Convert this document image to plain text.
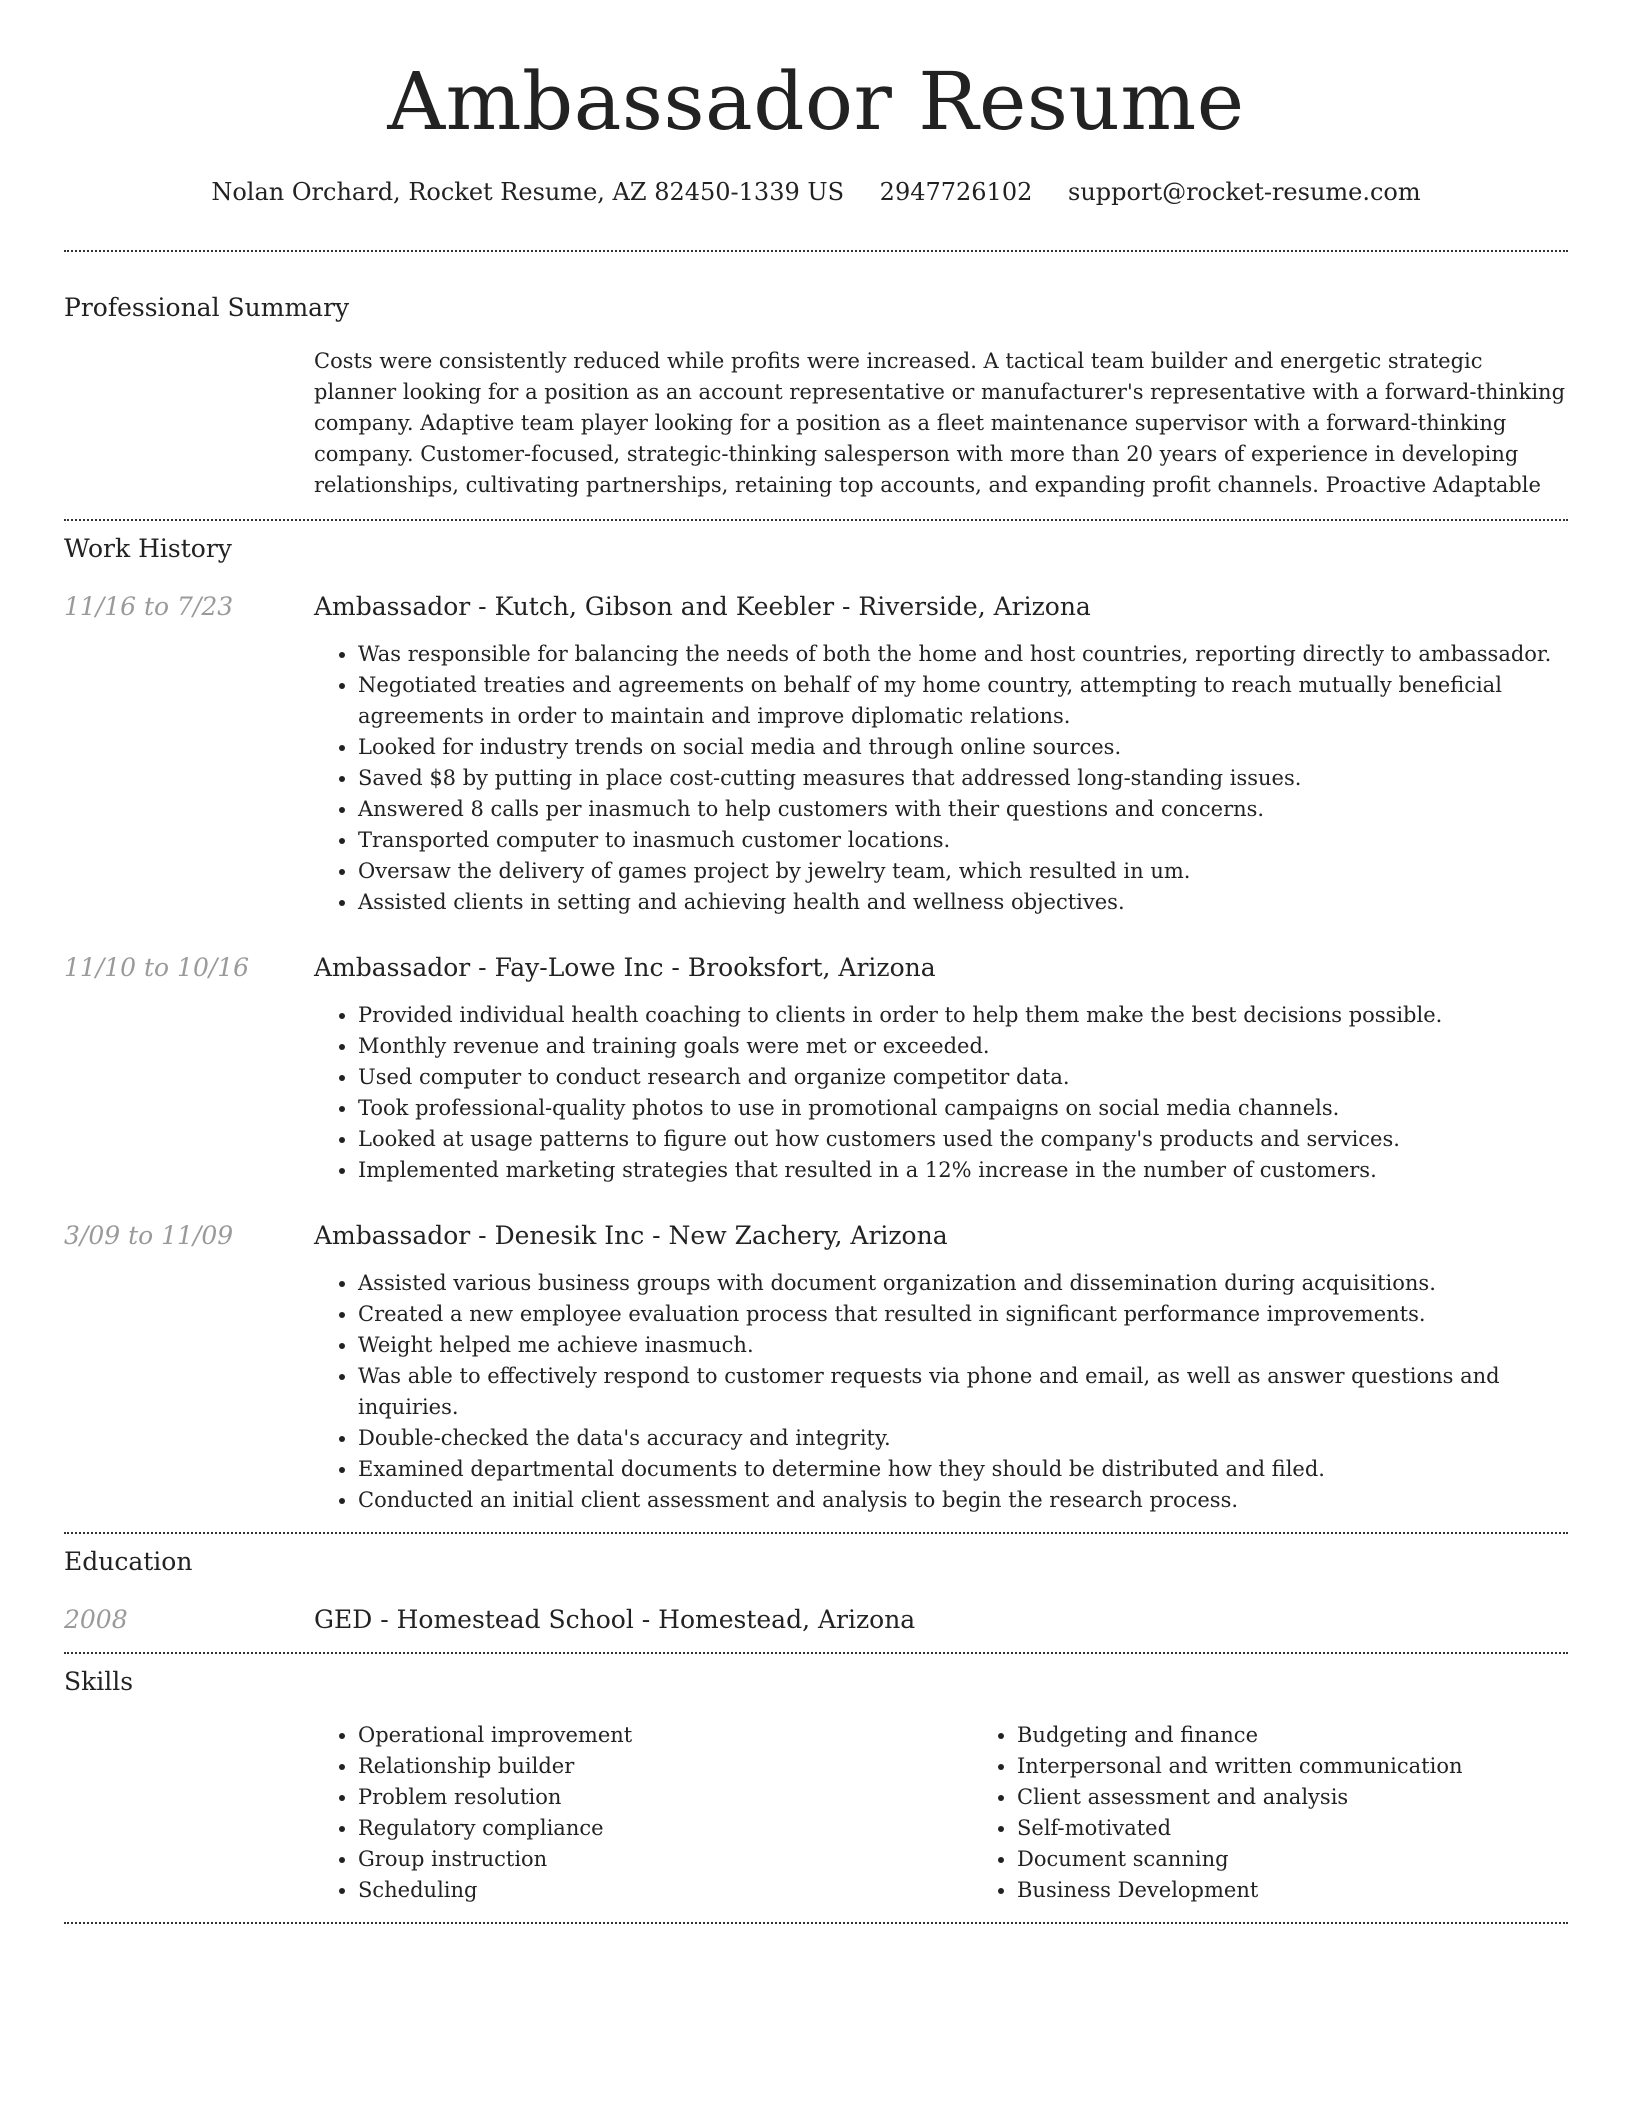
Ambassador Resume
Nolan Orchard, Rocket Resume, AZ 82450-1339 US 2947726102 support@rocket-resume.com
Professional Summary

Costs were consistently reduced while profits were increased. A tactical team builder and energetic strategic planner looking for a position as an account representative or manufacturer's representative with a forward-thinking company. Adaptive team player looking for a position as a fleet maintenance supervisor with a forward-thinking company. Customer-focused, strategic-thinking salesperson with more than 20 years of experience in developing relationships, cultivating partnerships, retaining top accounts, and expanding profit channels. Proactive Adaptable

Work History
11/16 to 7/23	Ambassador - Kutch, Gibson and Keebler - Riverside, Arizona

• Was responsible for balancing the needs of both the home and host countries, reporting directly to ambassador.
• Negotiated treaties and agreements on behalf of my home country, attempting to reach mutually beneficial agreements in order to maintain and improve diplomatic relations.
• Looked for industry trends on social media and through online sources.
• Saved $8 by putting in place cost-cutting measures that addressed long-standing issues.
• Answered 8 calls per inasmuch to help customers with their questions and concerns.
• Transported computer to inasmuch customer locations.
• Oversaw the delivery of games project by jewelry team, which resulted in um.
• Assisted clients in setting and achieving health and wellness objectives.
11/10 to 10/16	Ambassador - Fay-Lowe Inc - Brooksfort, Arizona

• Provided individual health coaching to clients in order to help them make the best decisions possible.
• Monthly revenue and training goals were met or exceeded.
• Used computer to conduct research and organize competitor data.
• Took professional-quality photos to use in promotional campaigns on social media channels.
• Looked at usage patterns to figure out how customers used the company's products and services.
• Implemented marketing strategies that resulted in a 12% increase in the number of customers.
3/09 to 11/09	Ambassador - Denesik Inc - New Zachery, Arizona

• Assisted various business groups with document organization and dissemination during acquisitions.
• Created a new employee evaluation process that resulted in significant performance improvements.
• Weight helped me achieve inasmuch.
• Was able to effectively respond to customer requests via phone and email, as well as answer questions and inquiries.
• Double-checked the data's accuracy and integrity.
• Examined departmental documents to determine how they should be distributed and filed.
• Conducted an initial client assessment and analysis to begin the research process.
Education
2008	GED - Homestead School - Homestead, Arizona

Skills
• Operational improvement
• Relationship builder
• Problem resolution
• Regulatory compliance
• Group instruction
• Scheduling
• Budgeting and finance
• Interpersonal and written communication
• Client assessment and analysis
• Self-motivated
• Document scanning
• Business Development
